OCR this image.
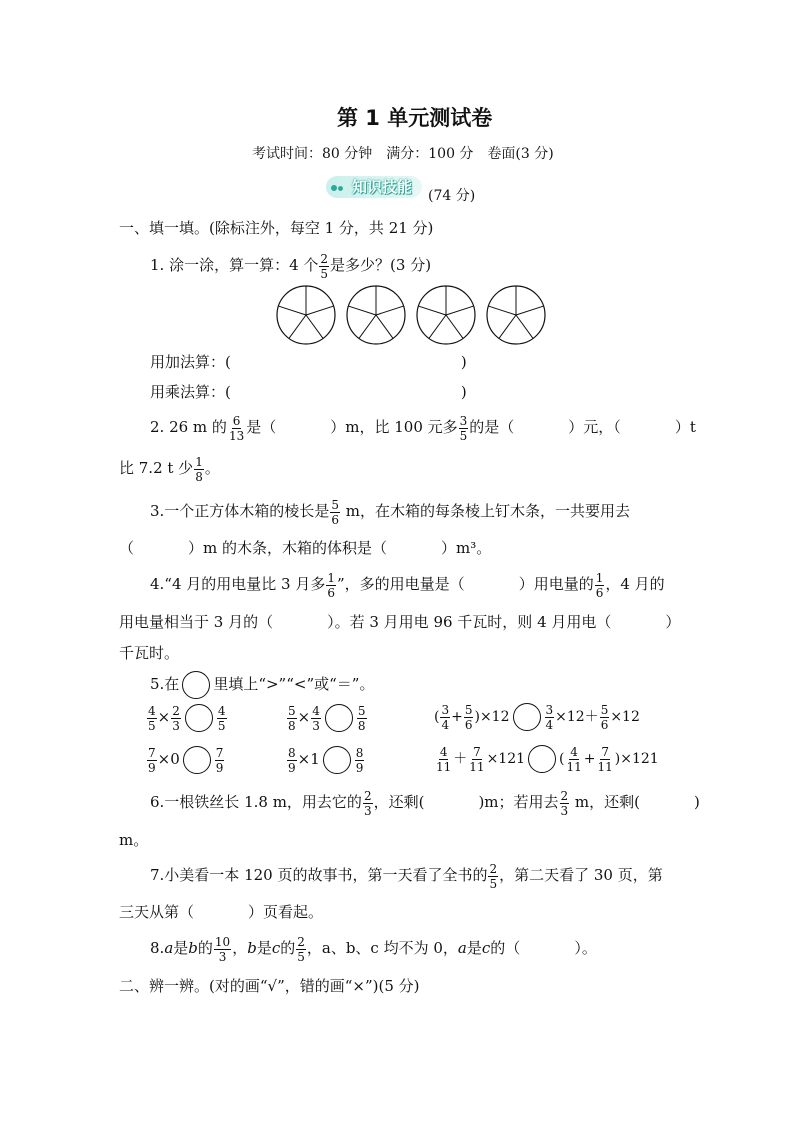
第 1 单元测试卷
考试时间：80 分钟　满分：100 分　卷面(3 分)
知识技能 (74 分)
一、填一填。(除标注外，每空 1 分，共 21 分)
1. 涂一涂，算一算：4 个 $\frac{2}{5}$ 是多少？(3 分)
用加法算：(	)
用乘法算：(	)
2. 26 m 的 $\frac{6}{13}$ 是（	）m，比 100 元多 $\frac{3}{5}$ 的是（	）元，（	）t
比 7.2 t 少 $\frac{1}{8}$ 。
3.一个正方体木箱的棱长是 $\frac{5}{6}$ m，在木箱的每条棱上钉木条，一共要用去
（	）m 的木条，木箱的体积是（	）m³。
4.“4 月的用电量比 3 月多 $\frac{1}{6}$ ”，多的用电量是（	）用电量的 $\frac{1}{6}$ ，4 月的
用电量相当于 3 月的（	）。若 3 月用电 96 千瓦时，则 4 月用电（	）
千瓦时。
5.在 里填上“>”“<”或“＝”。
$\frac{4}{5} \times \frac{2}{3}$	$\frac{4}{5}$	$\frac{5}{8} \times \frac{4}{3}$	$\frac{5}{8}$	( $\frac{3}{4} + \frac{5}{6} )\times 12$	$\frac{3}{4} \times 12+ \frac{5}{6} \times 12$
$\frac{7}{9} \times 0$	$\frac{7}{9}$	$\frac{8}{9} \times 1$	$\frac{8}{9}$	$\frac{4}{11} + \frac{7}{11} \times 121$ ( $\frac{4}{11} + \frac{7}{11} )\times 121$
6.一根铁丝长 1.8 m，用去它的 $\frac{2}{3}$ ，还剩(	)m；若用去 $\frac{2}{3}$ m，还剩(	)
m。
7.小美看一本 120 页的故事书，第一天看了全书的 $\frac{2}{5}$ ，第二天看了 30 页，第
三天从第（	）页看起。
8.a是b的 $\frac{10}{3}$ ，b是c的 $\frac{2}{5}$ ，a、b、c 均不为 0，a是c的（	）。
二、辨一辨。(对的画“√”，错的画“×”)(5 分)
